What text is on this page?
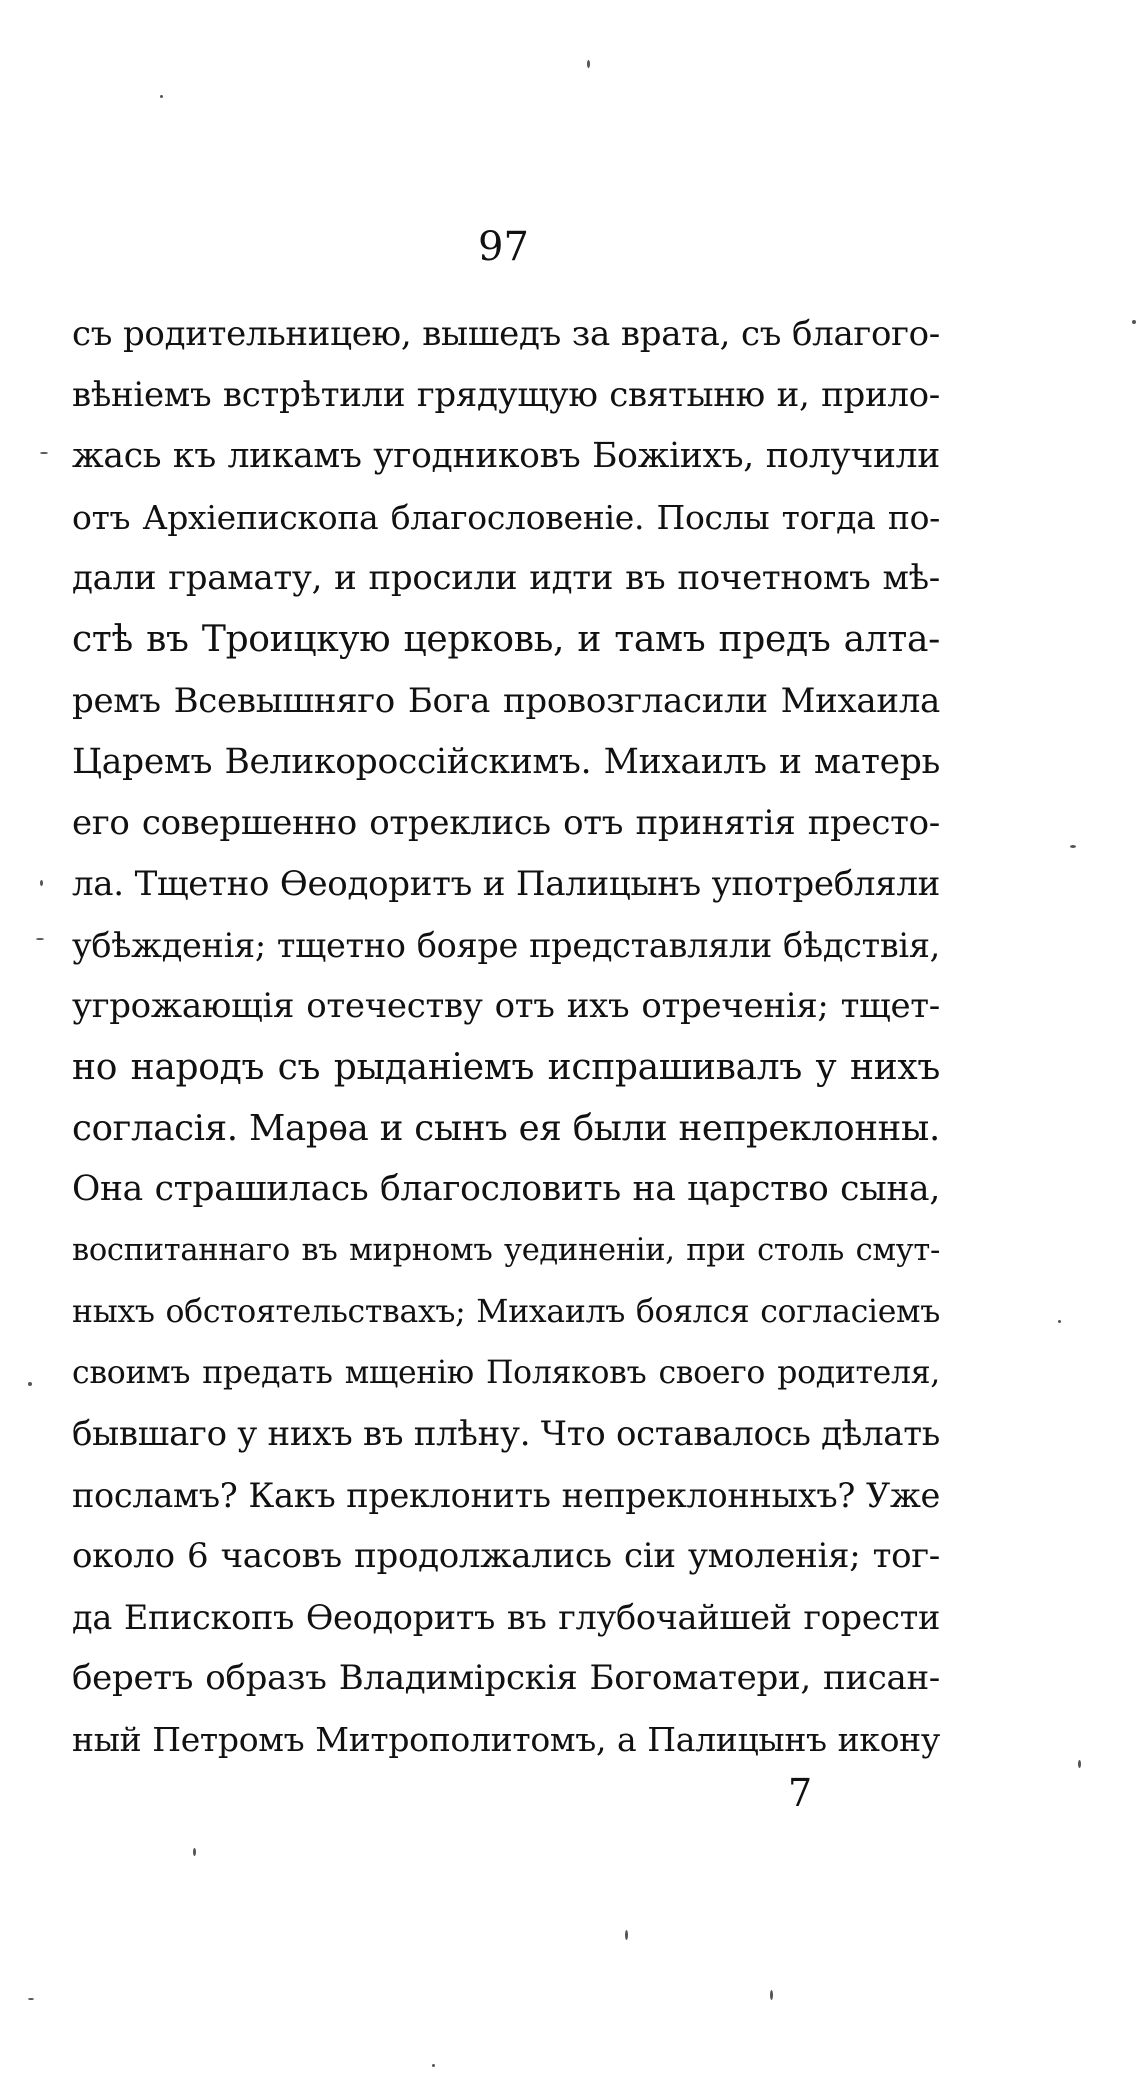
97
съ родительницею, вышедъ за врата, съ благого-
вѣніемъ встрѣтили грядущую святыню и, прило-
жась къ ликамъ угодниковъ Божіихъ, получили
отъ Архіепископа благословеніе. Послы тогда по-
дали грамату, и просили идти въ почетномъ мѣ-
стѣ въ Троицкую церковь, и тамъ предъ алта-
ремъ Всевышняго Бога провозгласили Михаила
Царемъ Великороссійскимъ. Михаилъ и матерь
его совершенно отреклись отъ принятія престо-
ла. Тщетно Ѳеодоритъ и Палицынъ употребляли
убѣжденія; тщетно бояре представляли бѣдствія,
угрожающія отечеству отъ ихъ отреченія; тщет-
но народъ съ рыданіемъ испрашивалъ у нихъ
согласія. Марѳа и сынъ ея были непреклонны.
Она страшилась благословить на царство сына,
воспитаннаго въ мирномъ уединеніи, при столь смут-
ныхъ обстоятельствахъ; Михаилъ боялся согласіемъ
своимъ предать мщенію Поляковъ своего родителя,
бывшаго у нихъ въ плѣну. Что оставалось дѣлать
посламъ? Какъ преклонить непреклонныхъ? Уже
около 6 часовъ продолжались сіи умоленія; тог-
да Епископъ Ѳеодоритъ въ глубочайшей горести
беретъ образъ Владимірскія Богоматери, писан-
ный Петромъ Митрополитомъ, а Палицынъ икону
7
